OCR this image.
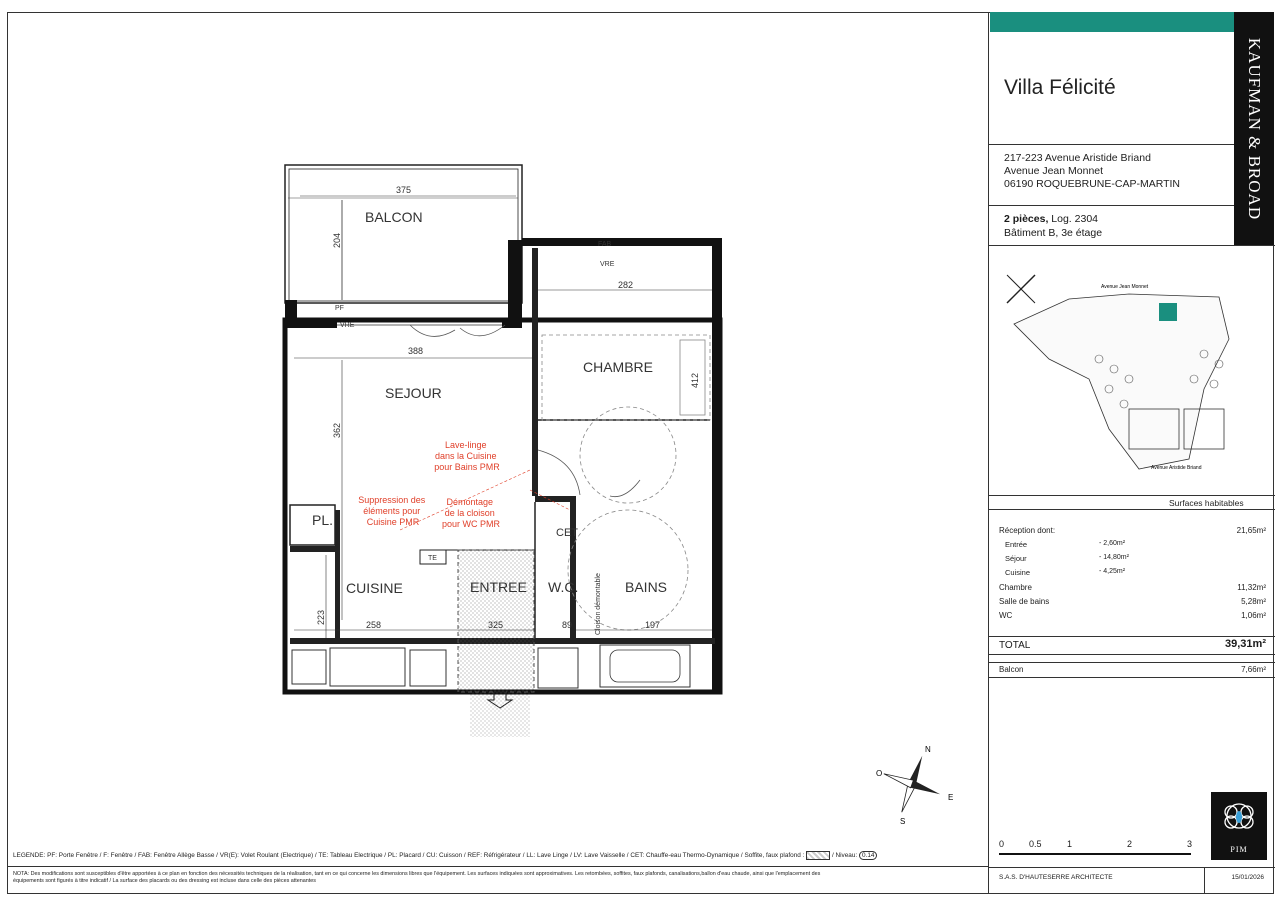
BALCON
SEJOUR
CHAMBRE
CUISINE	ENTREE W.C.	BAINS
CET
PL.
TE
PF
VRE
FAB
VRE
Cloison démontable
375
204
388
362
282
412
258
223	325	89	197
Lave-linge dans la Cuisine pour Bains PMR
Suppression des éléments pour Cuisine PMR
Démontage de la cloison pour WC PMR
N
E
S
O
LEGENDE: PF: Porte Fenêtre / F: Fenêtre / FAB: Fenêtre Allège Basse / VR(E): Volet Roulant (Electrique) / TE: Tableau Electrique / PL: Placard / CU: Cuisson / REF: Réfrigérateur / LL: Lave Linge / LV: Lave Vaisselle / CET: Chauffe-eau Thermo-Dynamique / Soffite, faux plafond :	/ Niveau: 0.14
NOTA: Des modifications sont susceptibles d'être apportées à ce plan en fonction des nécessités techniques de la réalisation, tant en ce qui concerne les dimensions libres que l'équipement. Les surfaces indiquées sont approximatives. Les retombées, soffites, faux plafonds, canalisations,ballon d'eau chaude, ainsi que l'emplacement des
équipements sont figurés à titre indicatif / La surface des placards ou des dressing est incluse dans celle des pièces attenantes
KAUFMAN & BROAD
Villa Félicité
217-223 Avenue Aristide Briand
Avenue Jean Monnet
06190 ROQUEBRUNE-CAP-MARTIN
2 pièces, Log. 2304
Bâtiment B, 3e étage
Avenue Jean Monnet
Avenue Aristide Briand
Surfaces habitables
Réception dont:	21,65m²
Entrée	- 2,60m²
Séjour	- 14,80m²
Cuisine	- 4,25m²
Chambre	11,32m²
Salle de bains	5,28m²
WC	1,06m²
TOTAL	39,31m²
Balcon	7,66m²
0	0.5	1	2	3
PIM
S.A.S. D'HAUTESERRE ARCHITECTE	15/01/2026
